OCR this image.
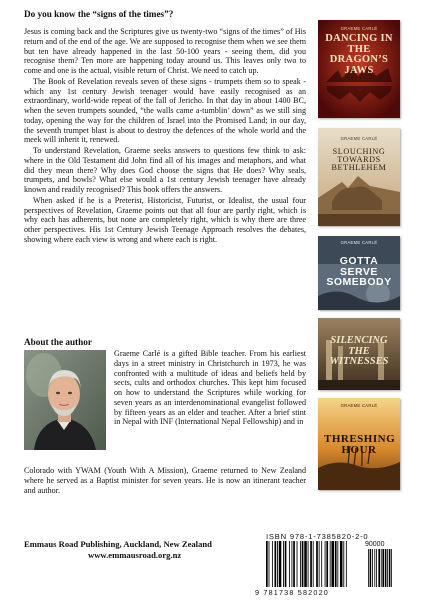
Do you know the “signs of the times”?

Jesus is coming back and the Scriptures give us twenty-two “signs of the times” of His return and of the end of the age. We are supposed to recognise them when we see them but ten have already happened in the last 50-100 years - seeing them, did you recognise them? Ten more are happening today around us. This leaves only two to come and one is the actual, visible return of Christ. We need to catch up.

The Book of Revelation reveals seven of these signs - trumpets them so to speak - which any 1st century Jewish teenager would have easily recognised as an extraordinary, world-wide repeat of the fall of Jericho. In that day in about 1400 BC, when the seven trumpets sounded, “the walls came a-tumblin’ down” as we still sing today, opening the way for the children of Israel into the Promised Land; in our day, the seventh trumpet blast is about to destroy the defences of the whole world and the meek will inherit it, renewed.

To understand Revelation, Graeme seeks answers to questions few think to ask: where in the Old Testament did John find all of his images and metaphors, and what did they mean there? Why does God choose the signs that He does? Why seals, trumpets, and bowls? What else would a 1st century Jewish teenager have already known and readily recognised? This book offers the answers.

When asked if he is a Preterist, Historicist, Futurist, or Idealist, the usual four perspectives of Revelation, Graeme points out that all four are partly right, which is why each has adherents, but none are completely right, which is why there are three other perspectives. His 1st Century Jewish Teenage Approach resolves the debates, showing where each view is wrong and where each is right.

About the author

Graeme Carlé is a gifted Bible teacher. From his earliest days in a street ministry in Christchurch in 1973, he was confronted with a multitude of ideas and beliefs held by sects, cults and orthodox churches. This kept him focused on how to understand the Scriptures while working for seven years as an interdenominational evangelist followed by fifteen years as an elder and teacher. After a brief stint in Nepal with INF (International Nepal Fellowship) and in

Colorado with YWAM (Youth With A Mission), Graeme returned to New Zealand where he served as a Baptist minister for seven years. He is now an itinerant teacher and author.

Emmaus Road Publishing, Auckland, New Zealand
www.emmausroad.org.nz
ISBN 978-1-7385820-2-0
90000
9 781738 582020
GRAEME CARLÉ
DANCING IN THE DRAGON’S JAWS
GRAEME CARLÉ
SLOUCHING TOWARDS BETHLEHEM
GRAEME CARLÉ
GOTTA SERVE SOMEBODY
SILENCING THE WITNESSES
GRAEME CARLÉ
THRESHING HOUR
